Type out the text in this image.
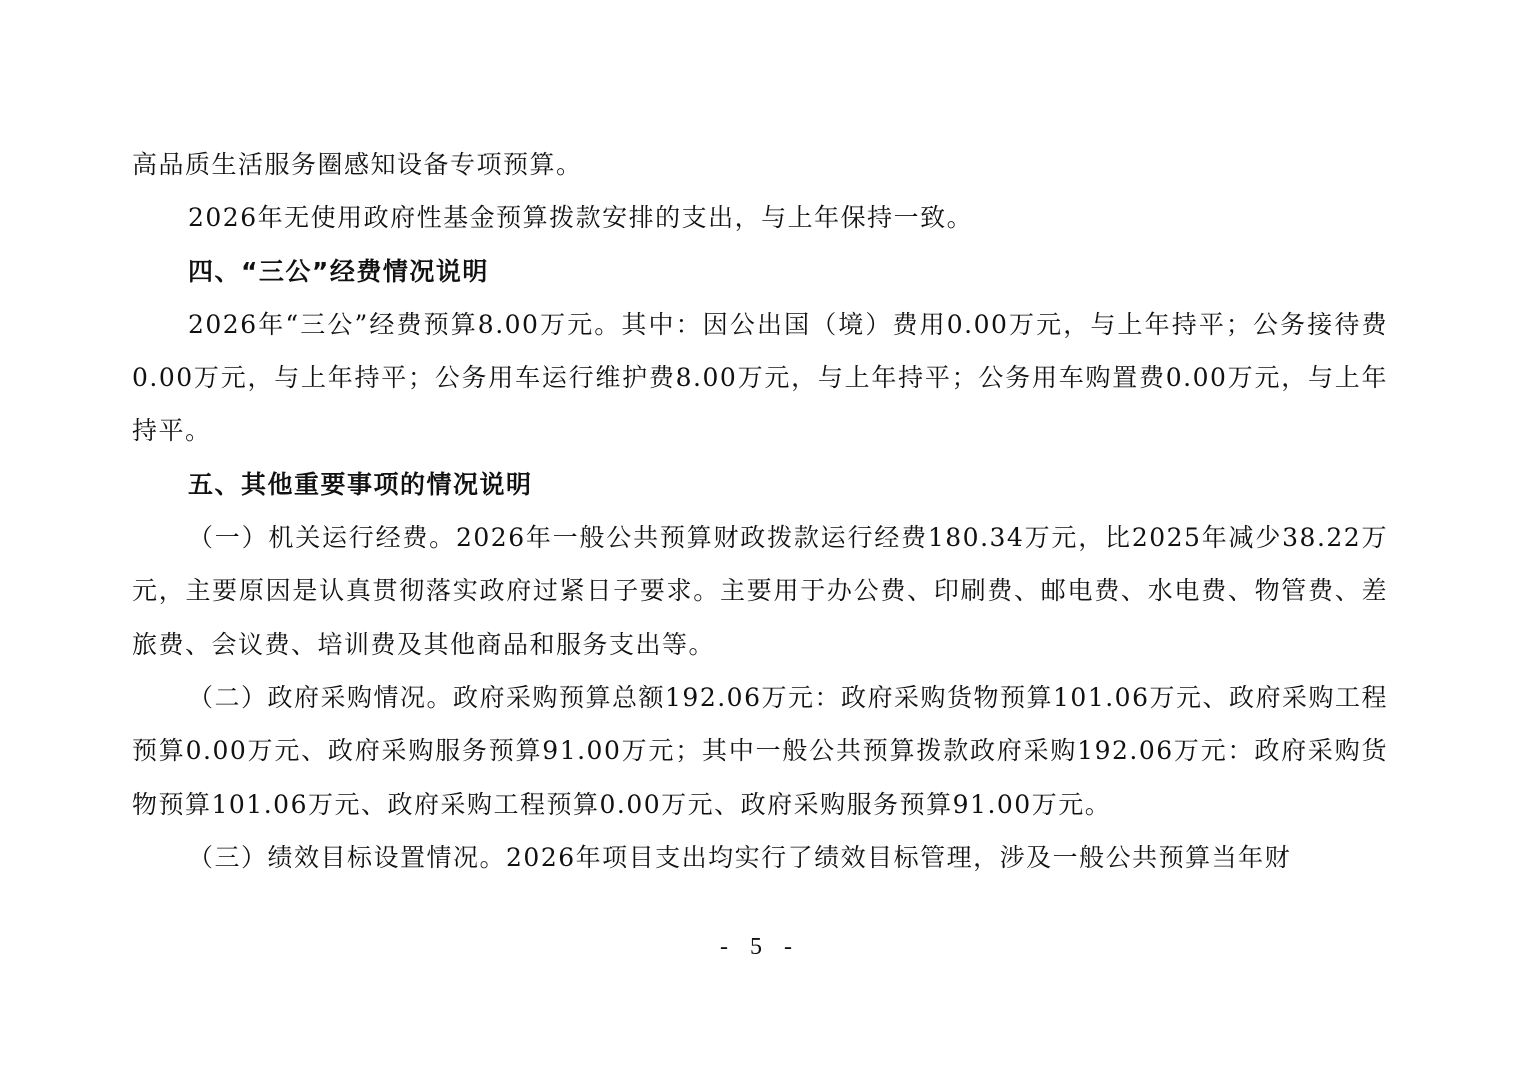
高品质生活服务圈感知设备专项预算。

2026年无使用政府性基金预算拨款安排的支出，与上年保持一致。

四、“三公”经费情况说明

2026年“三公”经费预算8.00万元。其中：因公出国（境）费用0.00万元，与上年持平；公务接待费0.00万元，与上年持平；公务用车运行维护费8.00万元，与上年持平；公务用车购置费0.00万元，与上年持平。

五、其他重要事项的情况说明

（一）机关运行经费。2026年一般公共预算财政拨款运行经费180.34万元，比2025年减少38.22万元，主要原因是认真贯彻落实政府过紧日子要求。主要用于办公费、印刷费、邮电费、水电费、物管费、差旅费、会议费、培训费及其他商品和服务支出等。

（二）政府采购情况。政府采购预算总额192.06万元：政府采购货物预算101.06万元、政府采购工程预算0.00万元、政府采购服务预算91.00万元；其中一般公共预算拨款政府采购192.06万元：政府采购货物预算101.06万元、政府采购工程预算0.00万元、政府采购服务预算91.00万元。

（三）绩效目标设置情况。2026年项目支出均实行了绩效目标管理，涉及一般公共预算当年财

- 5 -
